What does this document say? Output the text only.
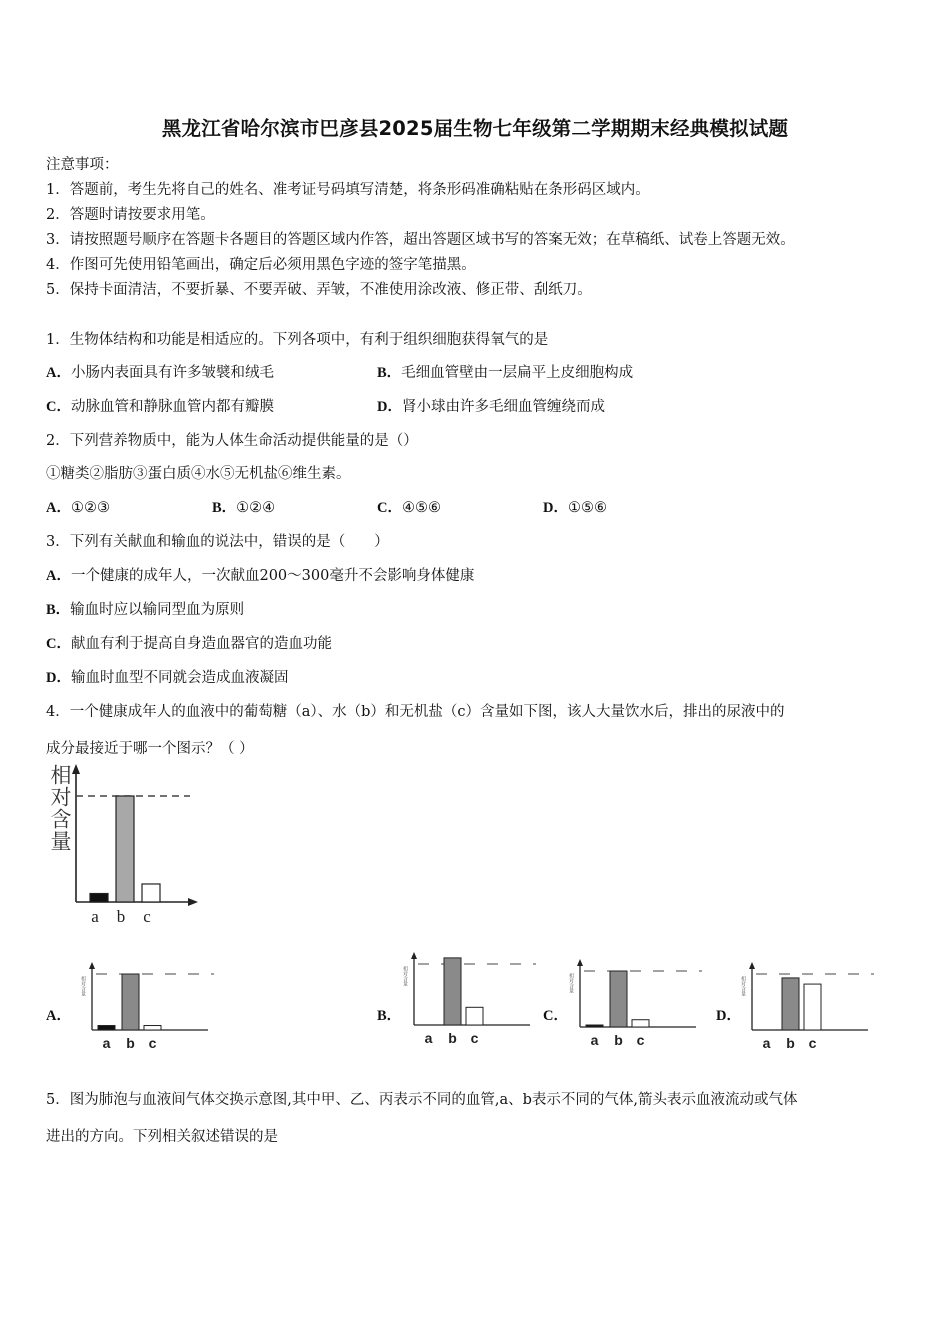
黑龙江省哈尔滨市巴彦县2025届生物七年级第二学期期末经典模拟试题
注意事项：
1．答题前，考生先将自己的姓名、准考证号码填写清楚，将条形码准确粘贴在条形码区域内。
2．答题时请按要求用笔。
3．请按照题号顺序在答题卡各题目的答题区域内作答，超出答题区域书写的答案无效；在草稿纸、试卷上答题无效。
4．作图可先使用铅笔画出，确定后必须用黑色字迹的签字笔描黑。
5．保持卡面清洁，不要折暴、不要弄破、弄皱，不准使用涂改液、修正带、刮纸刀。
1．生物体结构和功能是相适应的。下列各项中，有利于组织细胞获得氧气的是
A．小肠内表面具有许多皱襞和绒毛	B．毛细血管壁由一层扁平上皮细胞构成
C．动脉血管和静脉血管内都有瓣膜	D．肾小球由许多毛细血管缠绕而成
2．下列营养物质中，能为人体生命活动提供能量的是（）
①糖类②脂肪③蛋白质④水⑤无机盐⑥维生素。
A．①②③	B．①②④	C．④⑤⑥	D．①⑤⑥
3．下列有关献血和输血的说法中，错误的是（　　）
A．一个健康的成年人，一次献血200～300毫升不会影响身体健康
B．输血时应以输同型血为原则
C．献血有利于提高自身造血器官的造血功能
D．输血时血型不同就会造成血液凝固
4．一个健康成年人的血液中的葡萄糖（a）、水（b）和无机盐（c）含量如下图，该人大量饮水后，排出的尿液中的
成分最接近于哪一个图示？（ ）
相对含量
a b c
A．	B．	C．	D．
相对含量
a b c
相对含量
a b c
相对含量
a b c
相对含量
a b c
5．图为肺泡与血液间气体交换示意图,其中甲、乙、丙表示不同的血管,a、b表示不同的气体,箭头表示血液流动或气体
进出的方向。下列相关叙述错误的是
